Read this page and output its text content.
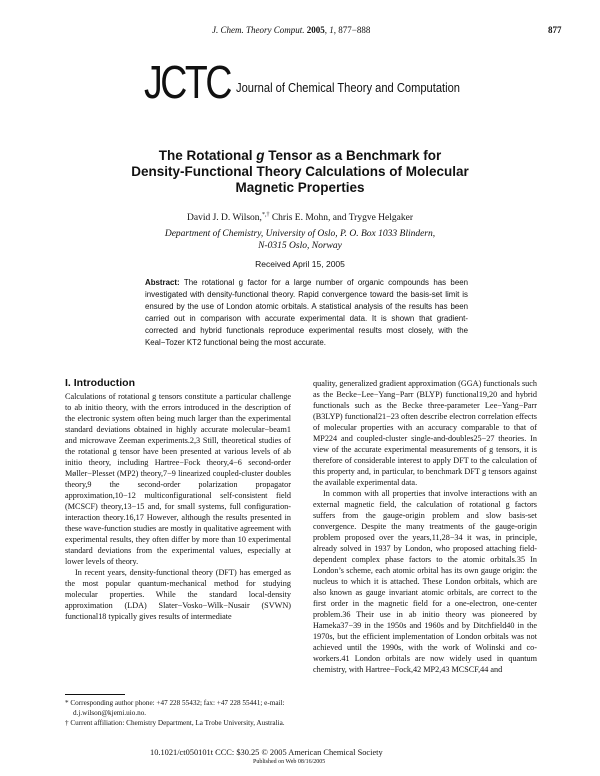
J. Chem. Theory Comput. 2005, 1, 877−888	877
JCTC Journal of Chemical Theory and Computation
The Rotational g Tensor as a Benchmark for
Density-Functional Theory Calculations of Molecular
Magnetic Properties
David J. D. Wilson,*,† Chris E. Mohn, and Trygve Helgaker
Department of Chemistry, University of Oslo, P. O. Box 1033 Blindern,
N-0315 Oslo, Norway
Received April 15, 2005
Abstract: The rotational g factor for a large number of organic compounds has been investigated with density-functional theory. Rapid convergence toward the basis-set limit is ensured by the use of London atomic orbitals. A statistical analysis of the results has been carried out in comparison with accurate experimental data. It is shown that gradient-corrected and hybrid functionals reproduce experimental results most closely, with the Keal−Tozer KT2 functional being the most accurate.
I. Introduction

Calculations of rotational g tensors constitute a particular challenge to ab initio theory, with the errors introduced in the description of the electronic system often being much larger than the experimental standard deviations obtained in highly accurate molecular−beam1 and microwave Zeeman experiments.2,3 Still, theoretical studies of the rotational g tensor have been presented at various levels of ab initio theory, including Hartree−Fock theory,4−6 second-order Møller−Plesset (MP2) theory,7−9 linearized coupled-cluster doubles theory,9 the second-order polarization propagator approximation,10−12 multiconfigurational self-consistent field (MCSCF) theory,13−15 and, for small systems, full configuration-interaction theory.16,17 However, although the results presented in these wave-function studies are mostly in qualitative agreement with experimental results, they often differ by more than 10 experimental standard deviations from the experimental values, especially at lower levels of theory.

In recent years, density-functional theory (DFT) has emerged as the most popular quantum-mechanical method for studying molecular properties. While the standard local-density approximation (LDA) Slater−Vosko−Wilk−Nusair (SVWN) functional18 typically gives results of intermediate

quality, generalized gradient approximation (GGA) functionals such as the Becke−Lee−Yang−Parr (BLYP) functional19,20 and hybrid functionals such as the Becke three-parameter Lee−Yang−Parr (B3LYP) functional21−23 often describe electron correlation effects of molecular properties with an accuracy comparable to that of MP224 and coupled-cluster single-and-doubles25−27 theories. In view of the accurate experimental measurements of g tensors, it is therefore of considerable interest to apply DFT to the calculation of this property and, in particular, to benchmark DFT g tensors against the available experimental data.

In common with all properties that involve interactions with an external magnetic field, the calculation of rotational g factors suffers from the gauge-origin problem and slow basis-set convergence. Despite the many treatments of the gauge-origin problem proposed over the years,11,28−34 it was, in principle, already solved in 1937 by London, who proposed attaching field-dependent complex phase factors to the atomic orbitals.35 In London’s scheme, each atomic orbital has its own gauge origin: the nucleus to which it is attached. These London orbitals, which are also known as gauge invariant atomic orbitals, are correct to the first order in the magnetic field for a one-electron, one-center problem.36 Their use in ab initio theory was pioneered by Hameka37−39 in the 1950s and 1960s and by Ditchfield40 in the 1970s, but the efficient implementation of London orbitals was not achieved until the 1990s, with the work of Wolinski and co-workers.41 London orbitals are now widely used in quantum chemistry, with Hartree−Fock,42 MP2,43 MCSCF,44 and

* Corresponding author phone: +47 228 55432; fax: +47 228 55441; e-mail: d.j.wilson@kjemi.uio.no.
† Current affiliation: Chemistry Department, La Trobe University, Australia.
10.1021/ct050101t CCC: $30.25 © 2005 American Chemical Society
Published on Web 08/16/2005
